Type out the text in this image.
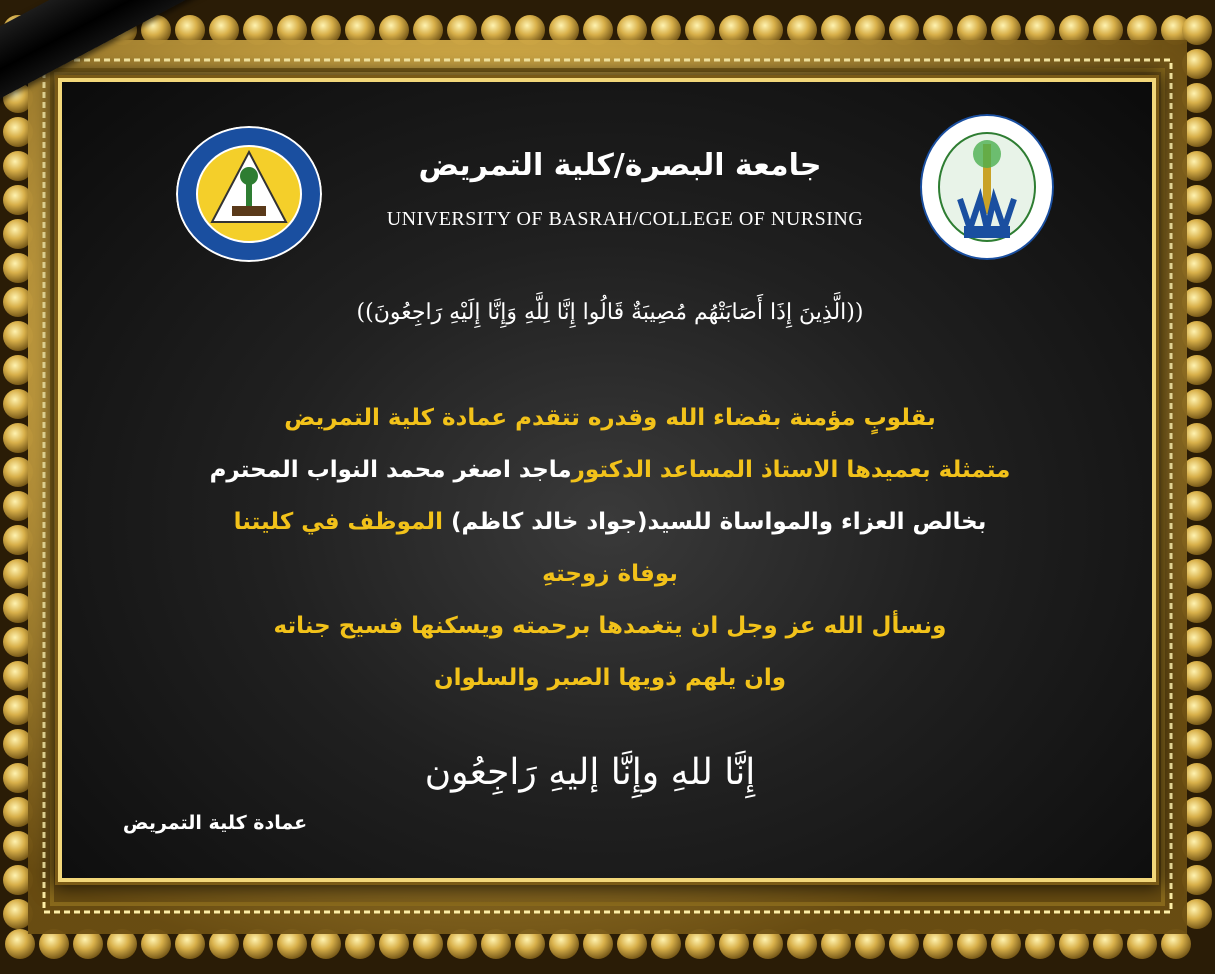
جامعة البصرة/كلية التمريض
UNIVERSITY OF BASRAH/COLLEGE OF NURSING
((الَّذِينَ إِذَا أَصَابَتْهُم مُصِيبَةٌ قَالُوا إِنَّا لِلَّهِ وَإِنَّا إِلَيْهِ رَاجِعُونَ))
بقلوبٍ مؤمنة بقضاء الله وقدره تتقدم عمادة كلية التمريض
متمثلة بعميدها الاستاذ المساعد الدكتورماجد اصغر محمد النواب المحترم
بخالص العزاء والمواساة للسيد(جواد خالد كاظم) الموظف في كليتنا
بوفاة زوجتهِ
ونسأل الله عز وجل ان يتغمدها برحمته ويسكنها فسيح جناته
وان يلهم ذويها الصبر والسلوان
إِنَّا للهِ وإِنَّا إليهِ رَاجِعُون
عمادة كلية التمريض
